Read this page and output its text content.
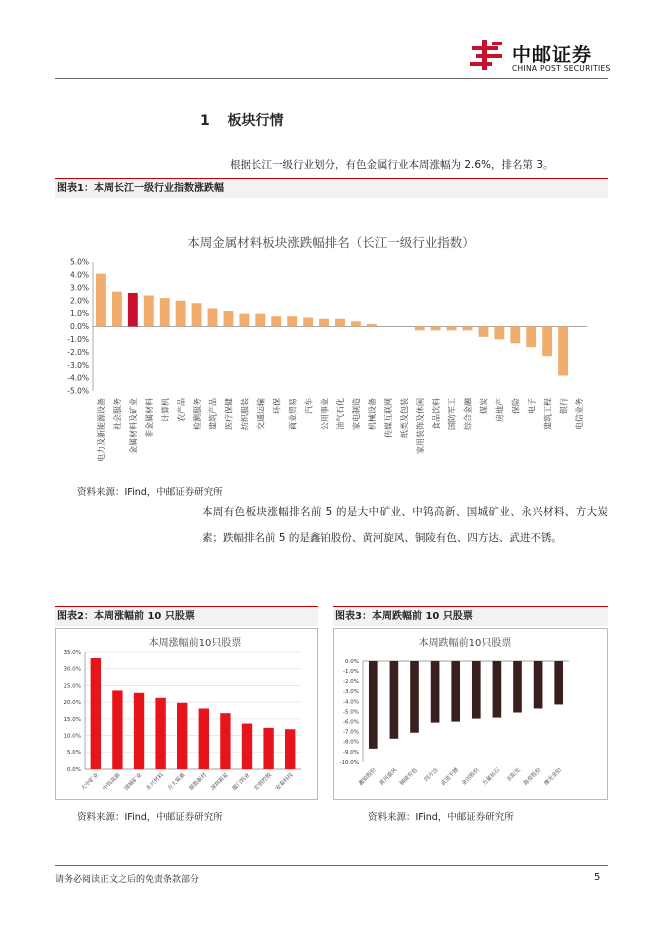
中邮证券
CHINA POST SECURITIES
1 板块行情
根据长江一级行业划分，有色金属行业本周涨幅为 2.6%，排名第 3。
图表1：本周长江一级行业指数涨跌幅
本周金属材料板块涨跌幅排名（长江一级行业指数）
5.0%
4.0%
3.0%
2.0%
1.0%
0.0%
-1.0%
-2.0%
-3.0%
-4.0%
-5.0%
电力及新能源设备 社会服务 金属材料及矿业 非金属材料 计算机 农产品 检测服务 建筑产品 医疗保健 纺织服装 交通运输 环保 商业贸易 汽车 公用事业 油气石化 家电制造 机械设备 传媒互联网 纸类及包装 家用装饰及休闲 食品饮料 国防军工 综合金融 煤炭 房地产 保险 电子 建筑工程 银行 电信业务
资料来源：IFind，中邮证券研究所
本周有色板块涨幅排名前 5 的是大中矿业、中钨高新、国城矿业、永兴材料、方大炭素；跌幅排名前 5 的是鑫铂股份、黄河旋风、铜陵有色、四方达、武进不锈。
图表2：本周涨幅前 10 只股票
本周涨幅前10只股票
35.0%
30.0%
25.0%
20.0%
15.0%
10.0%
5.0%
0.0%
大中矿业 中钨高新 国城矿业 永兴材料 方大炭素 鼎胜新材 深圳新星 厦门钨业 宏创控股 安泰科技
资料来源：IFind，中邮证券研究所
图表3：本周跌幅前 10 只股票
本周跌幅前10只股票
0.0%
-1.0%
-2.0%
-3.0%
-4.0%
-5.0%
-6.0%
-7.0%
-8.0%
-9.0%
-10.0%
鑫铂股份 黄河旋风 铜陵有色 四方达 武进不锈 金田股份 力量钻石 东阳光 海亮股份 豫光金铅
资料来源：IFind，中邮证券研究所
请务必阅读正文之后的免责条款部分	5
